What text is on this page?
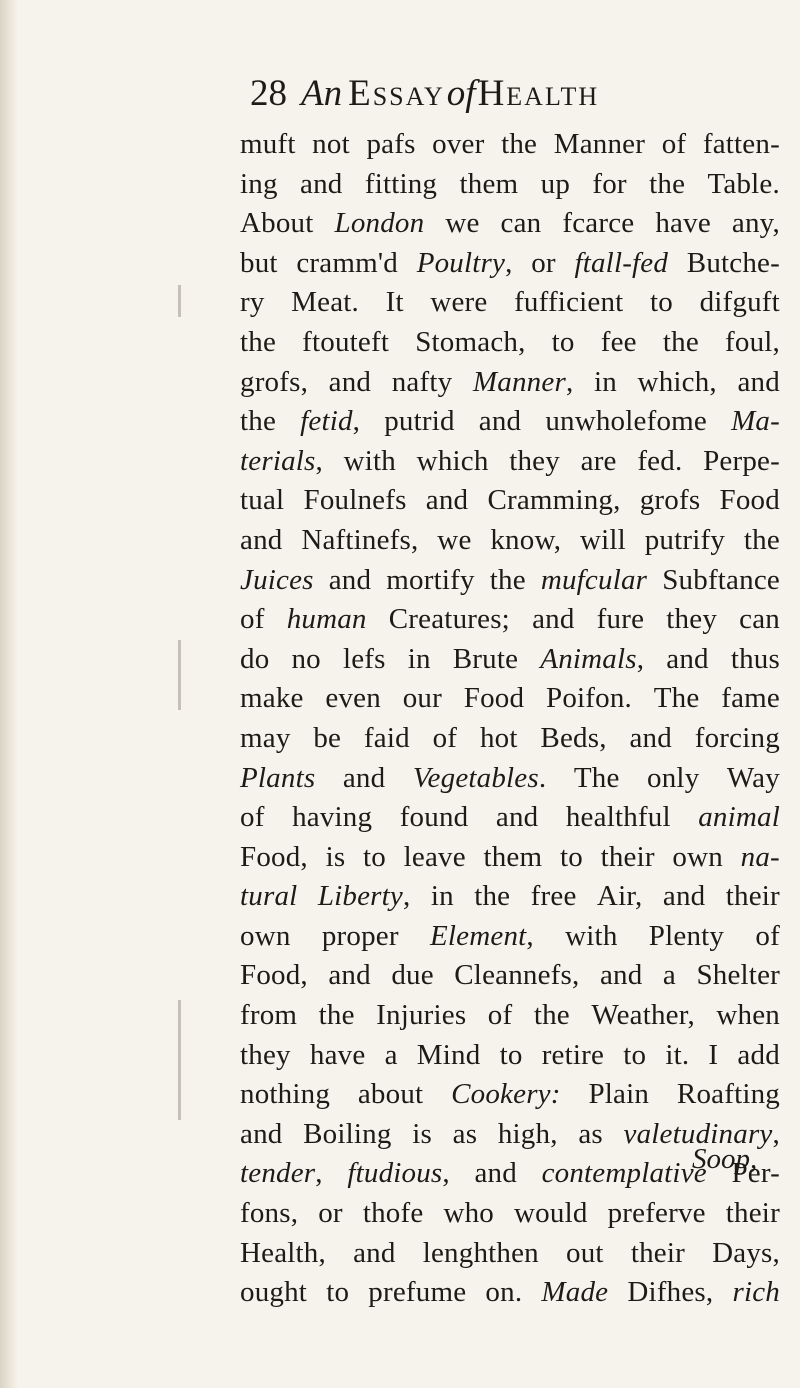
28 An EssayofHealth
muft not pafs over the Manner of fatten-
ing and fitting them up for the Table.
About London we can fcarce have any,
but cramm'd Poultry, or ftall-fed Butche-
ry Meat. It were fufficient to difguft
the ftouteft Stomach, to fee the foul,
grofs, and nafty Manner, in which, and
the fetid, putrid and unwholefome Ma-
terials, with which they are fed. Perpe-
tual Foulnefs and Cramming, grofs Food
and Naftinefs, we know, will putrify the
Juices and mortify the mufcular Subftance
of human Creatures; and fure they can
do no lefs in Brute Animals, and thus
make even our Food Poifon. The fame
may be faid of hot Beds, and forcing
Plants and Vegetables. The only Way
of having found and healthful animal
Food, is to leave them to their own na-
tural Liberty, in the free Air, and their
own proper Element, with Plenty of
Food, and due Cleannefs, and a Shelter
from the Injuries of the Weather, when
they have a Mind to retire to it. I add
nothing about Cookery: Plain Roafting
and Boiling is as high, as valetudinary,
tender, ftudious, and contemplative Per-
fons, or thofe who would preferve their
Health, and lenghthen out their Days,
ought to prefume on. Made Difhes, rich
Soop,
